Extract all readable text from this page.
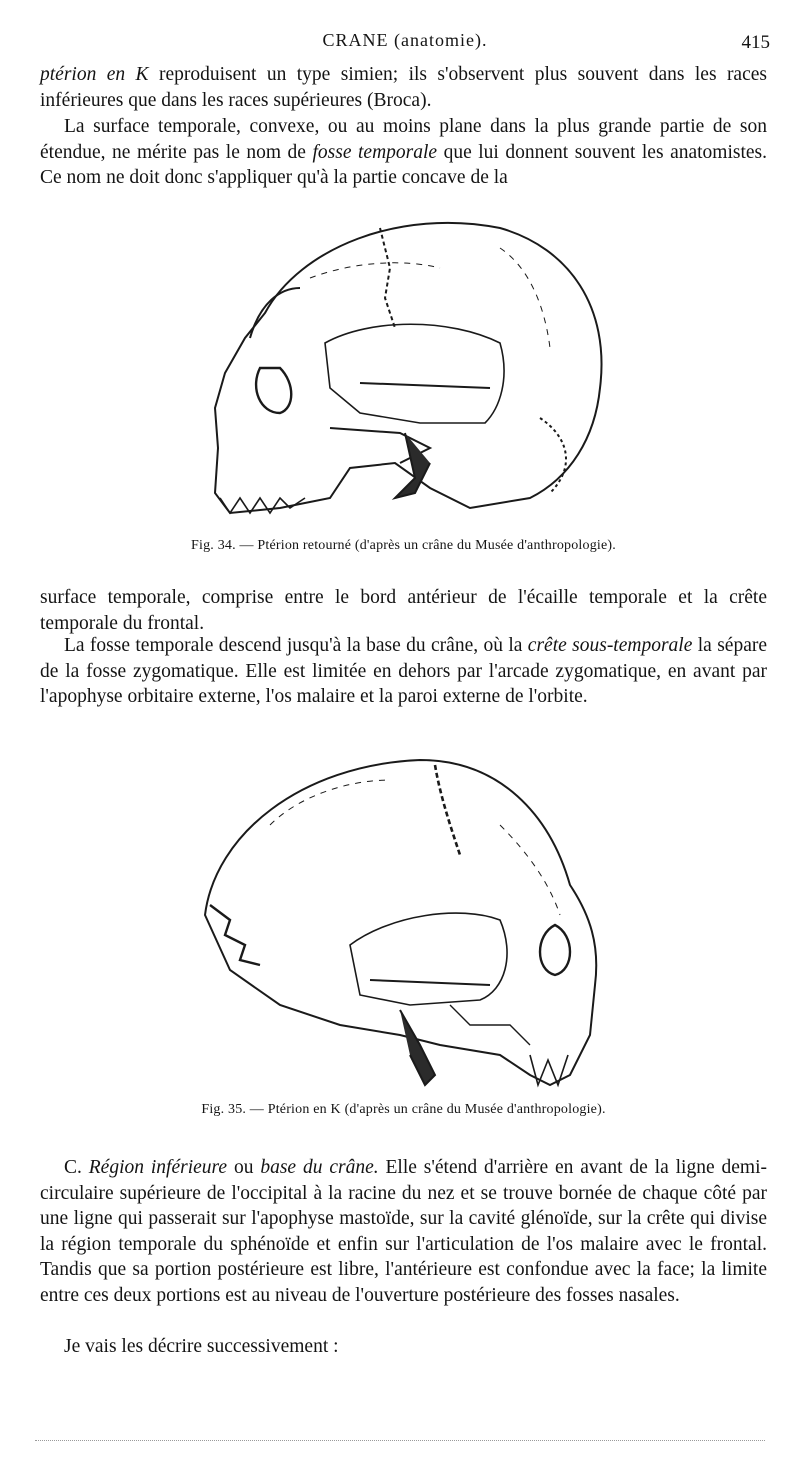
CRANE (anatomie).	415

ptérion en K reproduisent un type simien; ils s'observent plus souvent dans les races inférieures que dans les races supérieures (Broca).

La surface temporale, convexe, ou au moins plane dans la plus grande partie de son étendue, ne mérite pas le nom de fosse temporale que lui donnent souvent les anatomistes. Ce nom ne doit donc s'appliquer qu'à la partie concave de la

Fig. 34. — Ptérion retourné (d'après un crâne du Musée d'anthropologie).

surface temporale, comprise entre le bord antérieur de l'écaille temporale et la crête temporale du frontal.

La fosse temporale descend jusqu'à la base du crâne, où la crête sous-temporale la sépare de la fosse zygomatique. Elle est limitée en dehors par l'arcade zygomatique, en avant par l'apophyse orbitaire externe, l'os malaire et la paroi externe de l'orbite.

Fig. 35. — Ptérion en K (d'après un crâne du Musée d'anthropologie).

C. Région inférieure ou base du crâne. Elle s'étend d'arrière en avant de la ligne demi-circulaire supérieure de l'occipital à la racine du nez et se trouve bornée de chaque côté par une ligne qui passerait sur l'apophyse mastoïde, sur la cavité glénoïde, sur la crête qui divise la région temporale du sphénoïde et enfin sur l'articulation de l'os malaire avec le frontal. Tandis que sa portion postérieure est libre, l'antérieure est confondue avec la face; la limite entre ces deux portions est au niveau de l'ouverture postérieure des fosses nasales.

Je vais les décrire successivement :
